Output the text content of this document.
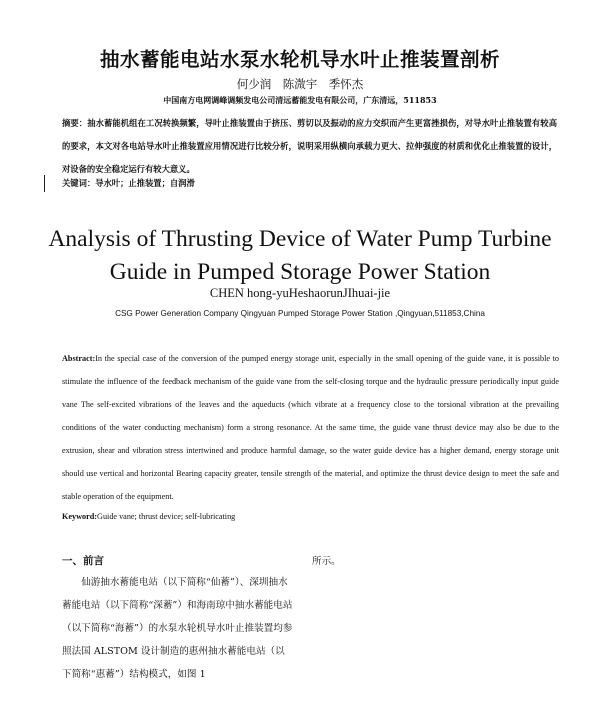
抽水蓄能电站水泵水轮机导水叶止推装置剖析
何少润　陈溦宇　季怀杰
中国南方电网调峰调频发电公司清远蓄能发电有限公司，广东清远，511853
摘要：抽水蓄能机组在工况转换频繁，导叶止推装置由于挤压、剪切以及振动的应力交织而产生更富挫损伤，对导水叶止推装置有较高的要求，本文对各电站导水叶止推装置应用情况进行比较分析，说明采用纵横向承载力更大、拉伸强度的材质和优化止推装置的设计，对设备的安全稳定运行有较大意义。
关键词：导水叶；止推装置；自润滑
Analysis of Thrusting Device of Water Pump Turbine
Guide in Pumped Storage Power Station
CHEN hong-yuHeshaorunJIhuai-jie
CSG Power Generation Company Qingyuan Pumped Storage Power Station ,Qingyuan,511853,China
Abstract:In the special case of the conversion of the pumped energy storage unit, especially in the small opening of the guide vane, it is possible to stimulate the influence of the feedback mechanism of the guide vane from the self-closing torque and the hydraulic pressure periodically input guide vane The self-excited vibrations of the leaves and the aqueducts (which vibrate at a frequency close to the torsional vibration at the prevailing conditions of the water conducting mechanism) form a strong resonance. At the same time, the guide vane thrust device may also be due to the extrusion, shear and vibration stress intertwined and produce harmful damage, so the water guide device has a higher demand, energy storage unit should use vertical and horizontal Bearing capacity greater, tensile strength of the material, and optimize the thrust device design to meet the safe and stable operation of the equipment.
Keyword:Guide vane; thrust device; self-lubricating
一、前言

仙游抽水蓄能电站（以下简称“仙蓄”）、深圳抽水蓄能电站（以下简称“深蓄”）和海南琼中抽水蓄能电站（以下简称“海蓄”）的水泵水轮机导水叶止推装置均参照法国 ALSTOM 设计制造的惠州抽水蓄能电站（以下简称“惠蓄”）结构模式，如图 1

所示。
